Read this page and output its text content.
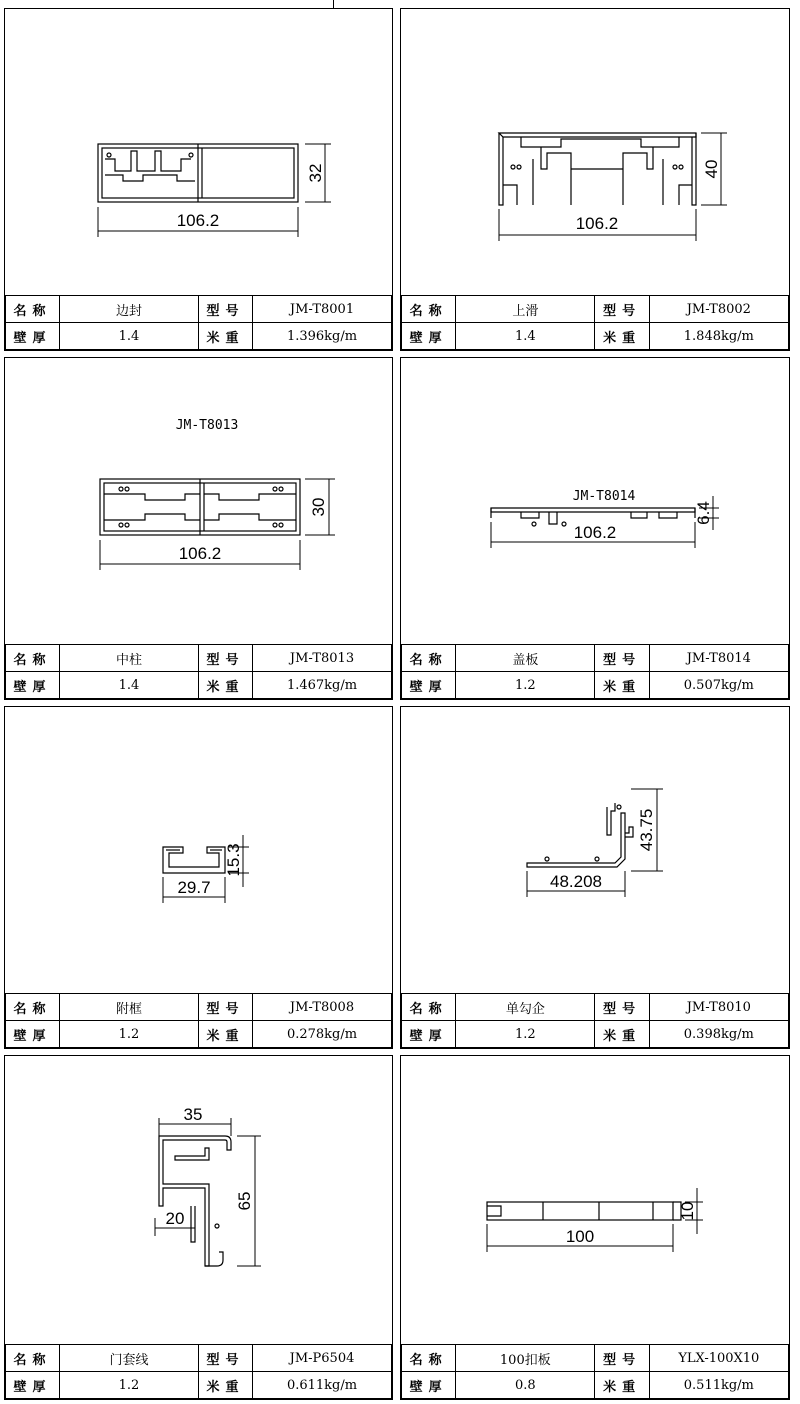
106.2
32
名称	边封	型号	JM-T8001
壁厚	1.4	米重	1.396kg/m
106.2
40
名称	上滑	型号	JM-T8002
壁厚	1.4	米重	1.848kg/m
JM-T8013
106.2
30
名称	中柱	型号	JM-T8013
壁厚	1.4	米重	1.467kg/m
JM-T8014
106.2
6.4
名称	盖板	型号	JM-T8014
壁厚	1.2	米重	0.507kg/m
29.7
15.3
名称	附框	型号	JM-T8008
壁厚	1.2	米重	0.278kg/m
48.208
43.75
名称	单勾企	型号	JM-T8010
壁厚	1.2	米重	0.398kg/m
35
20
65
名称	门套线	型号	JM-P6504
壁厚	1.2	米重	0.611kg/m
100
10
名称	100扣板	型号	YLX-100X10
壁厚	0.8	米重	0.511kg/m
